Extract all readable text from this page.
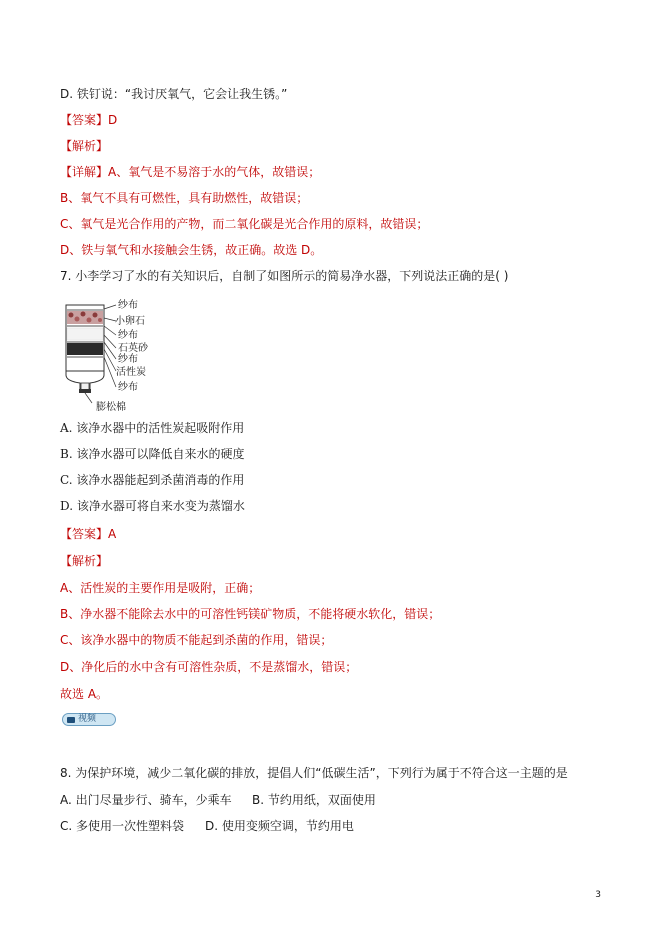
D. 铁钉说：“我讨厌氧气，它会让我生锈。”
【答案】D
【解析】
【详解】A、氧气是不易溶于水的气体，故错误；
B、氧气不具有可燃性，具有助燃性，故错误；
C、氧气是光合作用的产物，而二氧化碳是光合作用的原料，故错误；
D、铁与氧气和水接触会生锈，故正确。故选 D。
7. 小李学习了水的有关知识后，自制了如图所示的简易净水器，下列说法正确的是( )
纱布
小卵石
纱布
石英砂
纱布
活性炭
纱布
膨松棉
A. 该净水器中的活性炭起吸附作用
B. 该净水器可以降低自来水的硬度
C. 该净水器能起到杀菌消毒的作用
D. 该净水器可将自来水变为蒸馏水
【答案】A
【解析】
A、活性炭的主要作用是吸附，正确；
B、净水器不能除去水中的可溶性钙镁矿物质，不能将硬水软化，错误；
C、该净水器中的物质不能起到杀菌的作用，错误；
D、净化后的水中含有可溶性杂质，不是蒸馏水，错误；
故选 A。
视频
8. 为保护环境，减少二氧化碳的排放，提倡人们“低碳生活”，下列行为属于不符合这一主题的是
A. 出门尽量步行、骑车，少乘车 B. 节约用纸，双面使用
C. 多使用一次性塑料袋 D. 使用变频空调，节约用电
3
